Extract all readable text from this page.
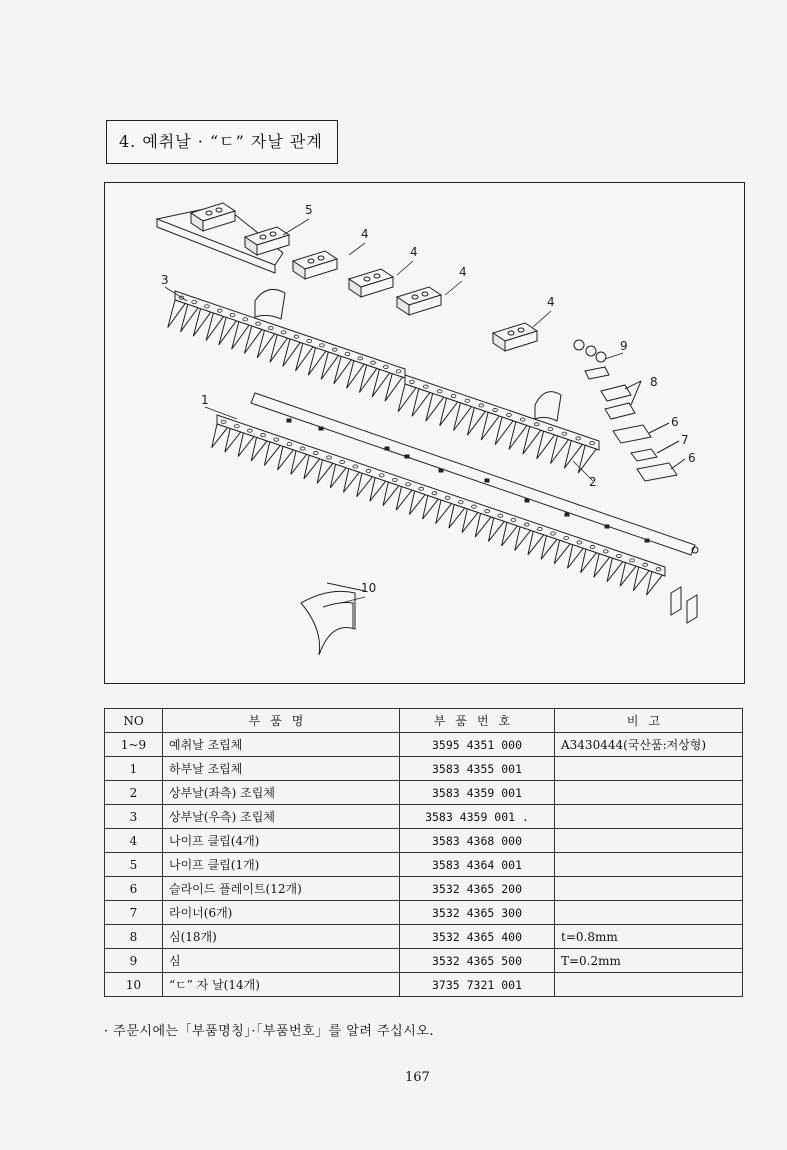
4. 예취날 · “ㄷ” 자날 관계
5
4
4
4
3
4
9
8
1
6
7
6
2
10
NO	부품명	부품번호	비고
1~9	예취날 조립체	3595 4351 000	A3430444(국산품:저상형)
1	하부날 조립체	3583 4355 001	
2	상부날(좌측) 조립체	3583 4359 001	
3	상부날(우측) 조립체	3583 4359 001 .	
4	나이프 클립(4개)	3583 4368 000	
5	나이프 클립(1개)	3583 4364 001	
6	슬라이드 플레이트(12개)	3532 4365 200	
7	라이너(6개)	3532 4365 300	
8	심(18개)	3532 4365 400	t=0.8mm
9	심	3532 4365 500	T=0.2mm
10	“ㄷ” 자 날(14개)	3735 7321 001	
· 주문시에는「부품명칭」·「부품번호」를 알려 주십시오.
167
